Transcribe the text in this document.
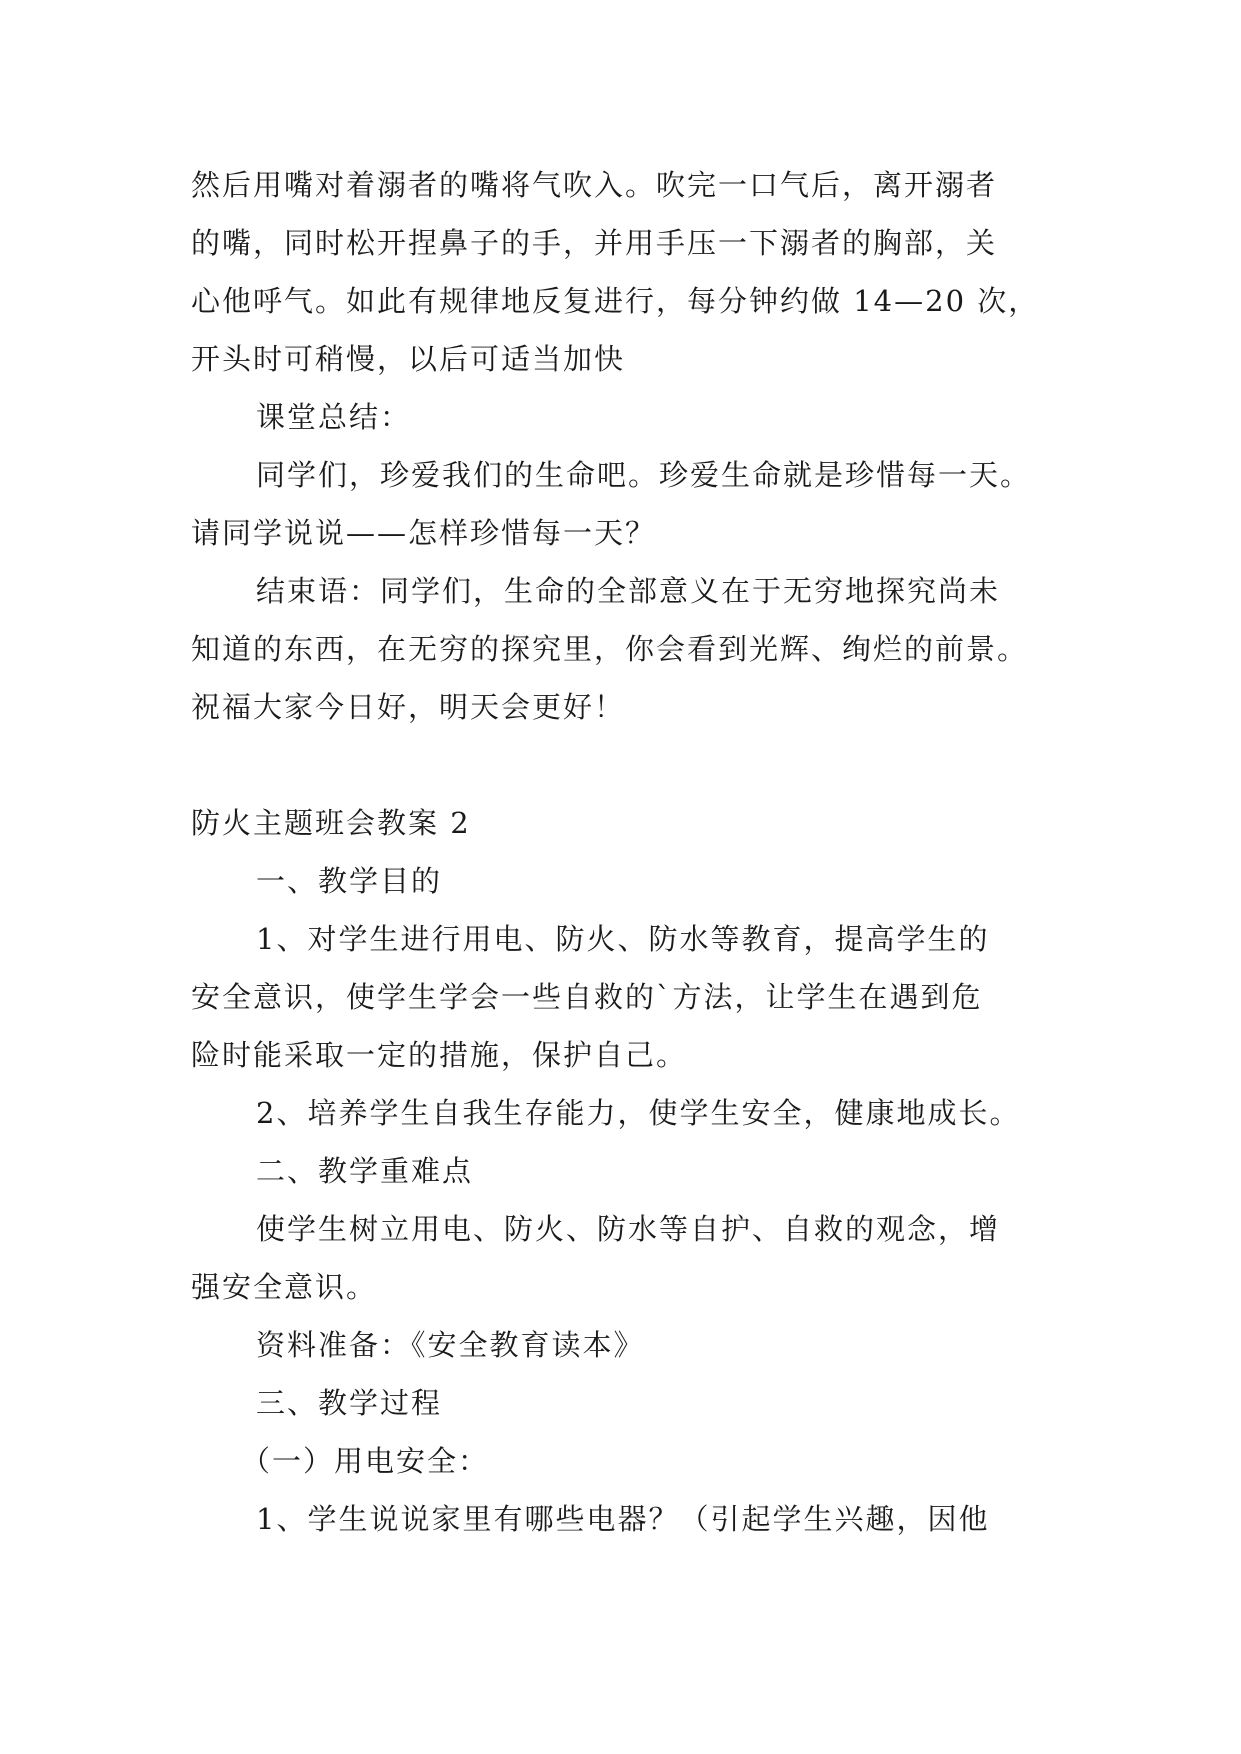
然后用嘴对着溺者的嘴将气吹入。吹完一口气后，离开溺者
的嘴，同时松开捏鼻子的手，并用手压一下溺者的胸部，关
心他呼气。如此有规律地反复进行，每分钟约做 14—20 次，
开头时可稍慢，以后可适当加快
课堂总结：
同学们，珍爱我们的生命吧。珍爱生命就是珍惜每一天。
请同学说说——怎样珍惜每一天？
结束语：同学们，生命的全部意义在于无穷地探究尚未
知道的东西，在无穷的探究里，你会看到光辉、绚烂的前景。
祝福大家今日好，明天会更好！
防火主题班会教案 2
一、教学目的
1、对学生进行用电、防火、防水等教育，提高学生的
安全意识，使学生学会一些自救的`方法，让学生在遇到危
险时能采取一定的措施，保护自己。
2、培养学生自我生存能力，使学生安全，健康地成长。
二、教学重难点
使学生树立用电、防火、防水等自护、自救的观念，增
强安全意识。
资料准备：《安全教育读本》
三、教学过程
（一）用电安全：
1、学生说说家里有哪些电器？（引起学生兴趣，因他
